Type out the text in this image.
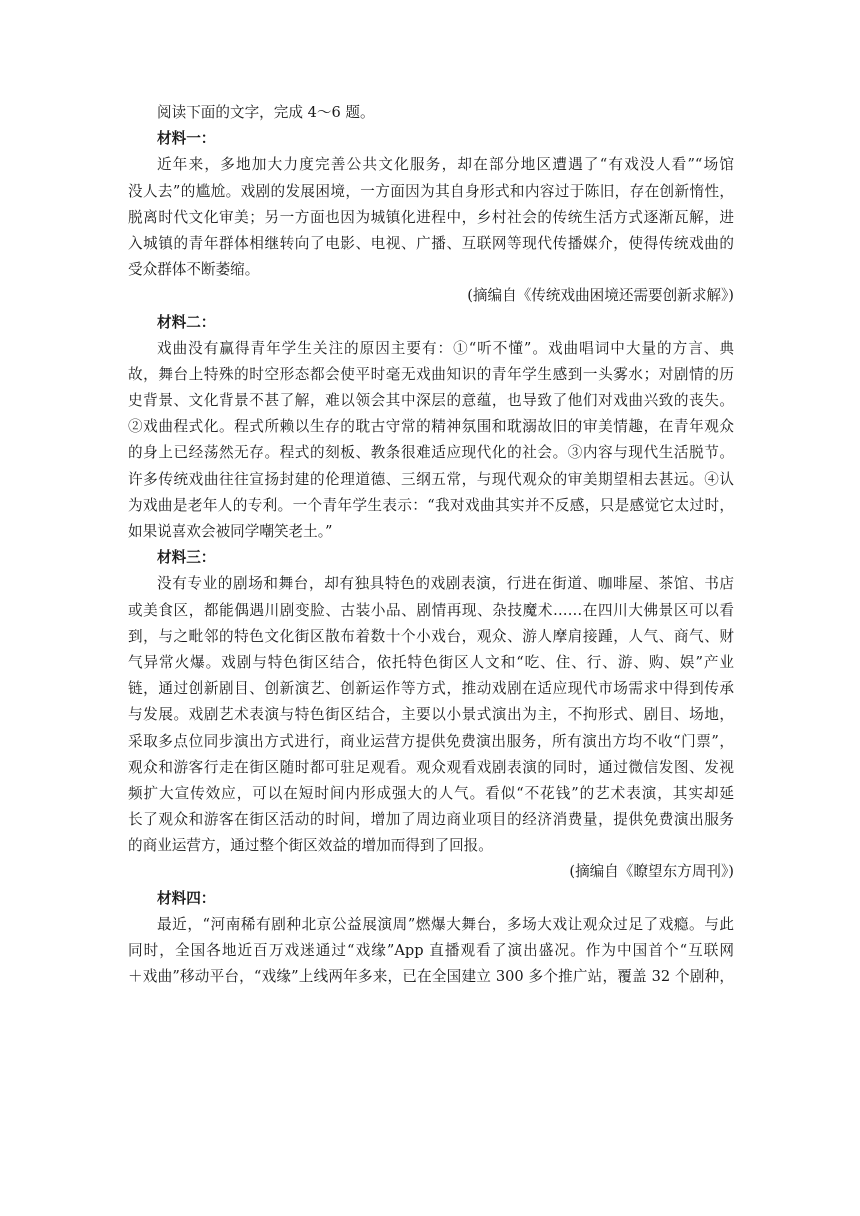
阅读下面的文字，完成 4～6 题。
材料一：
近年来，多地加大力度完善公共文化服务，却在部分地区遭遇了“有戏没人看”“场馆
没人去”的尴尬。戏剧的发展困境，一方面因为其自身形式和内容过于陈旧，存在创新惰性，
脱离时代文化审美；另一方面也因为城镇化进程中，乡村社会的传统生活方式逐渐瓦解，进
入城镇的青年群体相继转向了电影、电视、广播、互联网等现代传播媒介，使得传统戏曲的
受众群体不断萎缩。
(摘编自《传统戏曲困境还需要创新求解》)
材料二：
戏曲没有赢得青年学生关注的原因主要有：①“听不懂”。戏曲唱词中大量的方言、典
故，舞台上特殊的时空形态都会使平时毫无戏曲知识的青年学生感到一头雾水；对剧情的历
史背景、文化背景不甚了解，难以领会其中深层的意蕴，也导致了他们对戏曲兴致的丧失。
②戏曲程式化。程式所赖以生存的耽古守常的精神氛围和耽溺故旧的审美情趣，在青年观众
的身上已经荡然无存。程式的刻板、教条很难适应现代化的社会。③内容与现代生活脱节。
许多传统戏曲往往宣扬封建的伦理道德、三纲五常，与现代观众的审美期望相去甚远。④认
为戏曲是老年人的专利。一个青年学生表示：“我对戏曲其实并不反感，只是感觉它太过时，
如果说喜欢会被同学嘲笑老土。”
材料三：
没有专业的剧场和舞台，却有独具特色的戏剧表演，行进在街道、咖啡屋、茶馆、书店
或美食区，都能偶遇川剧变脸、古装小品、剧情再现、杂技魔术……在四川大佛景区可以看
到，与之毗邻的特色文化街区散布着数十个小戏台，观众、游人摩肩接踵，人气、商气、财
气异常火爆。戏剧与特色街区结合，依托特色街区人文和“吃、住、行、游、购、娱”产业
链，通过创新剧目、创新演艺、创新运作等方式，推动戏剧在适应现代市场需求中得到传承
与发展。戏剧艺术表演与特色街区结合，主要以小景式演出为主，不拘形式、剧目、场地，
采取多点位同步演出方式进行，商业运营方提供免费演出服务，所有演出方均不收“门票”，
观众和游客行走在街区随时都可驻足观看。观众观看戏剧表演的同时，通过微信发图、发视
频扩大宣传效应，可以在短时间内形成强大的人气。看似“不花钱”的艺术表演，其实却延
长了观众和游客在街区活动的时间，增加了周边商业项目的经济消费量，提供免费演出服务
的商业运营方，通过整个街区效益的增加而得到了回报。
(摘编自《瞭望东方周刊》)
材料四：
最近，“河南稀有剧种北京公益展演周”燃爆大舞台，多场大戏让观众过足了戏瘾。与此
同时，全国各地近百万戏迷通过“戏缘”App 直播观看了演出盛况。作为中国首个“互联网
＋戏曲”移动平台，“戏缘”上线两年多来，已在全国建立 300 多个推广站，覆盖 32 个剧种，
